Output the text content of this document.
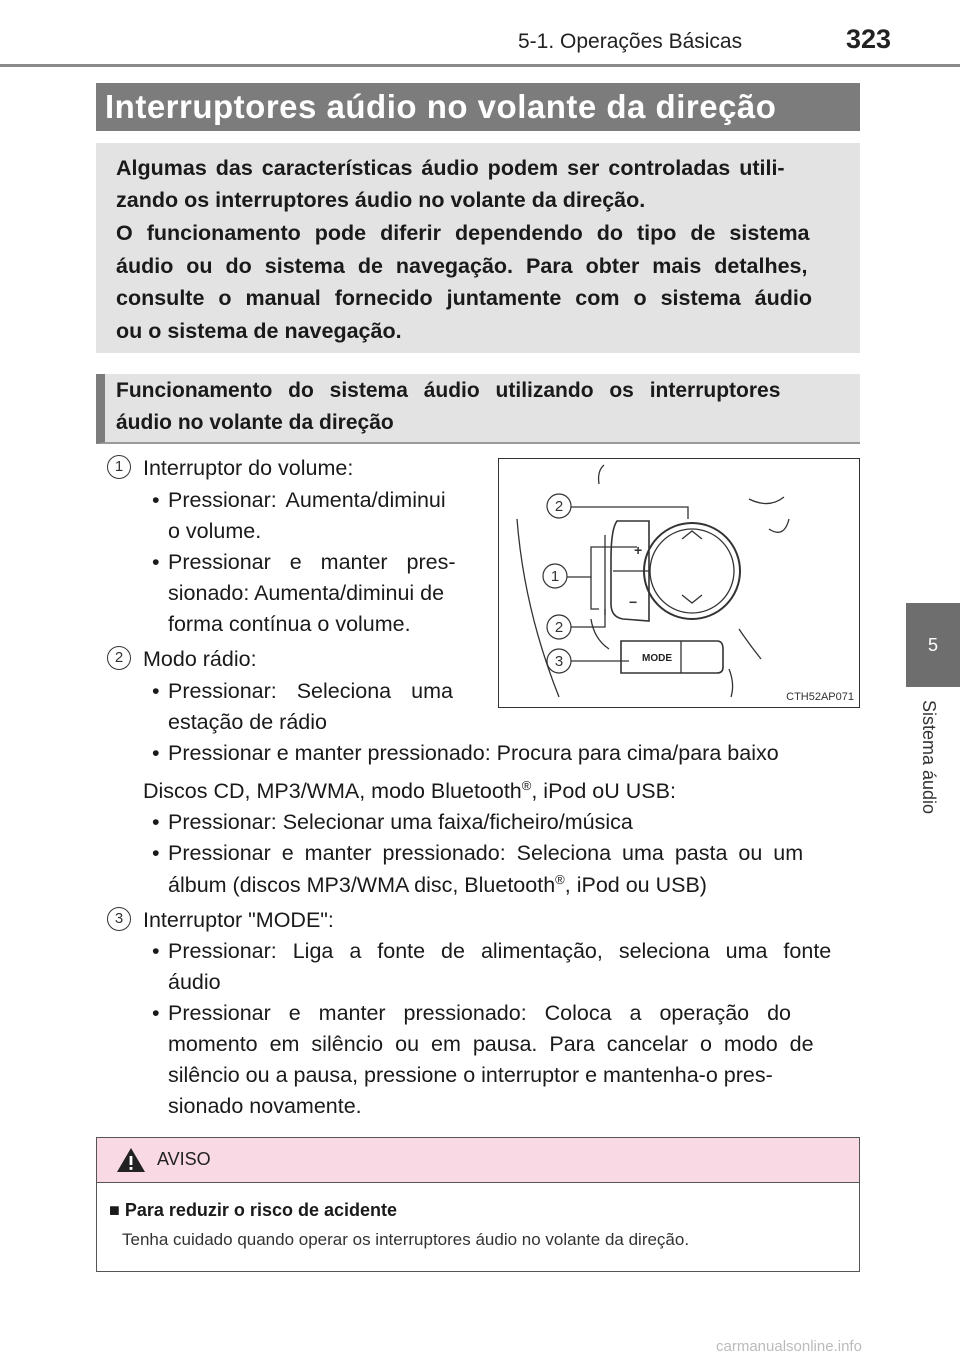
5-1. Operações Básicas	323
5
Sistema áudio
Interruptores aúdio no volante da direção
Algumas das características áudio podem ser controladas utili-
zando os interruptores áudio no volante da direção.
O funcionamento pode diferir dependendo do tipo de sistema
áudio ou do sistema de navegação. Para obter mais detalhes,
consulte o manual fornecido juntamente com o sistema áudio
ou o sistema de navegação.
Funcionamento do sistema áudio utilizando os interruptores
áudio no volante da direção
1 Interruptor do volume:
• Pressionar: Aumenta/diminui
o volume.
• Pressionar e manter pres-
sionado: Aumenta/diminui de
forma contínua o volume.
2 Modo rádio:
• Pressionar: Seleciona uma
estação de rádio
• Pressionar e manter pressionado: Procura para cima/para baixo
Discos CD, MP3/WMA, modo Bluetooth®, iPod oU USB:
• Pressionar: Selecionar uma faixa/ficheiro/música
• Pressionar e manter pressionado: Seleciona uma pasta ou um
álbum (discos MP3/WMA disc, Bluetooth®, iPod ou USB)
3 Interruptor "MODE":
• Pressionar: Liga a fonte de alimentação, seleciona uma fonte
áudio
• Pressionar e manter pressionado: Coloca a operação do
momento em silêncio ou em pausa. Para cancelar o modo de
silêncio ou a pausa, pressione o interruptor e mantenha-o pres-
sionado novamente.
+
−
MODE
2
1
2
3
CTH52AP071
AVISO
■ Para reduzir o risco de acidente
Tenha cuidado quando operar os interruptores áudio no volante da direção.
carmanualsonline.info
